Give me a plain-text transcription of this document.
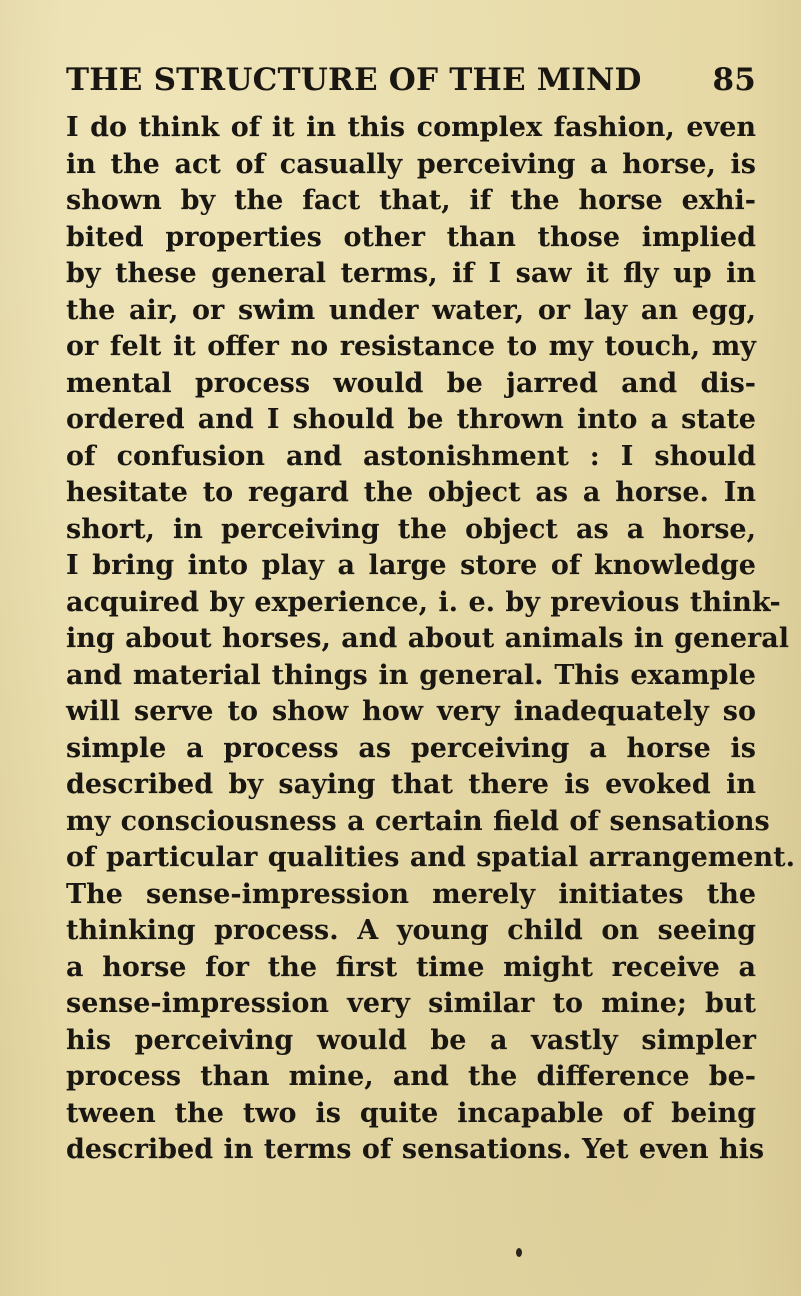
THE STRUCTURE OF THE MIND 85
I do think of it in this complex fashion, even
in the act of casually perceiving a horse, is
shown by the fact that, if the horse exhi-
bited properties other than those implied
by these general terms, if I saw it fly up in
the air, or swim under water, or lay an egg,
or felt it offer no resistance to my touch, my
mental process would be jarred and dis-
ordered and I should be thrown into a state
of confusion and astonishment : I should
hesitate to regard the object as a horse. In
short, in perceiving the object as a horse,
I bring into play a large store of knowledge
acquired by experience, i. e. by previous think-
ing about horses, and about animals in general
and material things in general. This example
will serve to show how very inadequately so
simple a process as perceiving a horse is
described by saying that there is evoked in
my consciousness a certain field of sensations
of particular qualities and spatial arrangement.
The sense-impression merely initiates the
thinking process. A young child on seeing
a horse for the first time might receive a
sense-impression very similar to mine; but
his perceiving would be a vastly simpler
process than mine, and the difference be-
tween the two is quite incapable of being
described in terms of sensations. Yet even his
